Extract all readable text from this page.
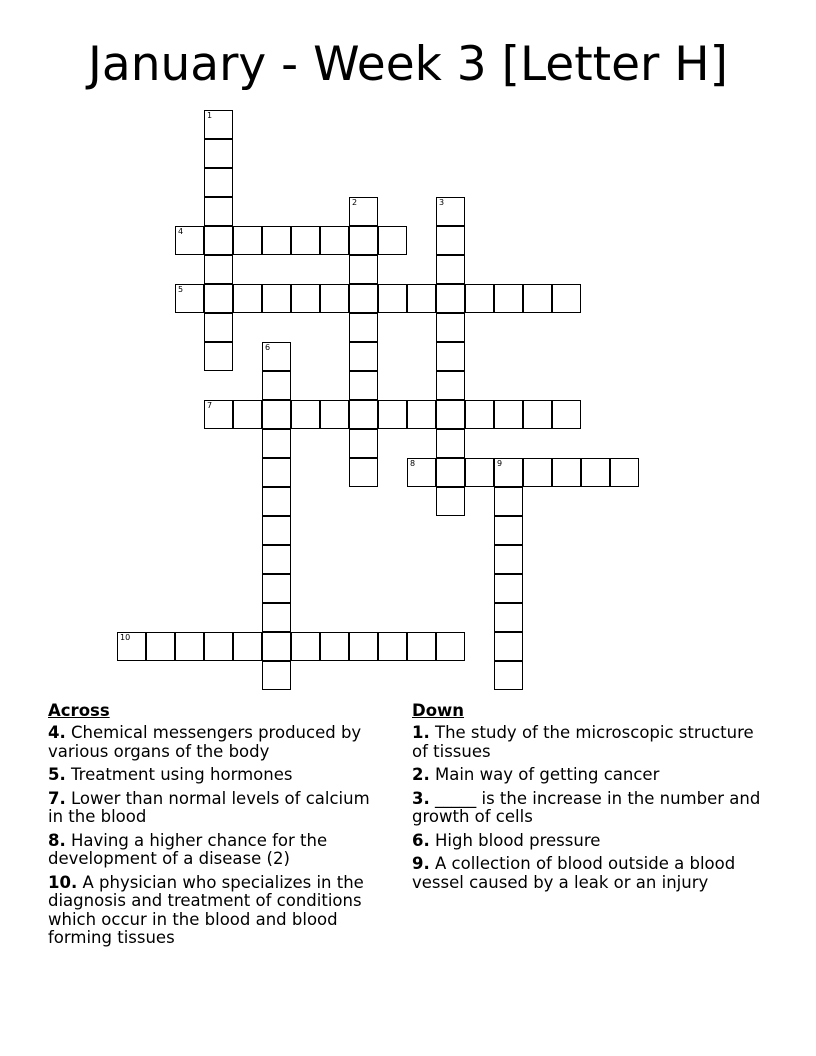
January - Week 3 [Letter H]
1
2	3
4
5
6
7
8	9
10
Across
4. Chemical messengers produced by various organs of the body
5. Treatment using hormones
7. Lower than normal levels of calcium in the blood
8. Having a higher chance for the development of a disease (2)
10. A physician who specializes in the diagnosis and treatment of conditions which occur in the blood and blood forming tissues
Down
1. The study of the microscopic structure of tissues
2. Main way of getting cancer
3. _____ is the increase in the number and growth of cells
6. High blood pressure
9. A collection of blood outside a blood vessel caused by a leak or an injury
